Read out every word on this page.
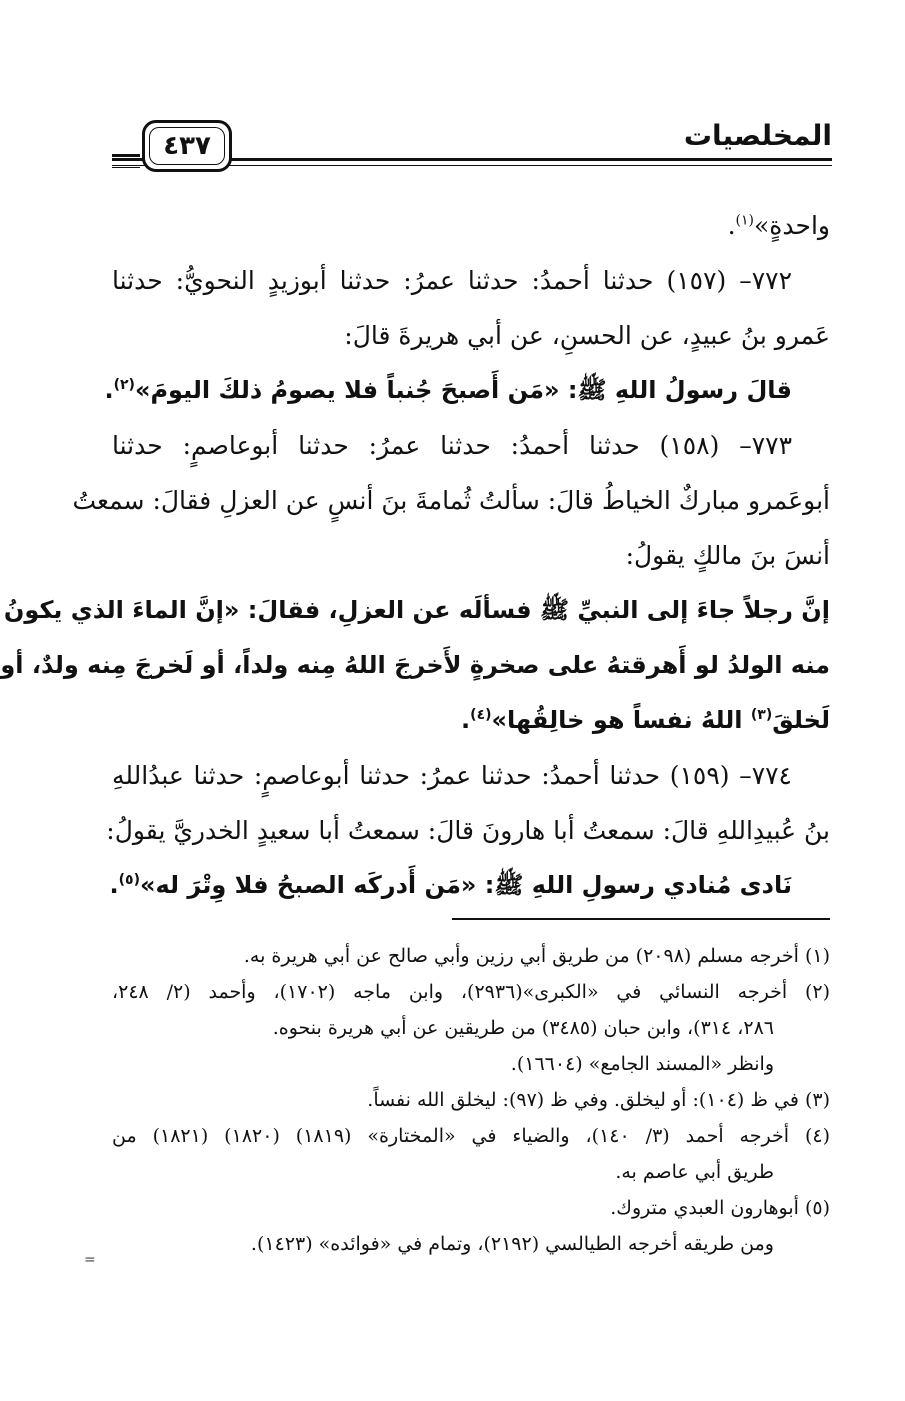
٤٣٧	المخلصيات
واحدةٍ»$^{(١)}$.
٧٧٢– (١٥٧) حدثنا أحمدُ: حدثنا عمرُ: حدثنا أبوزيدٍ النحويُّ: حدثنا
عَمرو بنُ عبيدٍ، عن الحسنِ، عن أبي هريرةَ قالَ:
قالَ رسولُ اللهِ ﷺ: «مَن أَصبحَ جُنباً فلا يصومُ ذلكَ اليومَ»$^{(٢)}$.
٧٧٣– (١٥٨) حدثنا أحمدُ: حدثنا عمرُ: حدثنا أبوعاصمٍ: حدثنا
أبوعَمرو مباركٌ الخياطُ قالَ: سألتُ ثُمامةَ بنَ أنسٍ عن العزلِ فقالَ: سمعتُ
أنسَ بنَ مالكٍ يقولُ:
إنَّ رجلاً جاءَ إلى النبيِّ ﷺ فسألَه عن العزلِ، فقالَ: «إنَّ الماءَ الذي يكونُ
منه الولدُ لو أَهرقتهُ على صخرةٍ لأَخرجَ اللهُ مِنه ولداً، أو لَخرجَ مِنه ولدٌ، أو
لَخلقَ$^{(٣)}$ اللهُ نفساً هو خالِقُها»$^{(٤)}$.
٧٧٤– (١٥٩) حدثنا أحمدُ: حدثنا عمرُ: حدثنا أبوعاصمٍ: حدثنا عبدُاللهِ
بنُ عُبيدِاللهِ قالَ: سمعتُ أبا هارونَ قالَ: سمعتُ أبا سعيدٍ الخدريَّ يقولُ:
نَادى مُنادي رسولِ اللهِ ﷺ: «مَن أَدركَه الصبحُ فلا وِتْرَ له»$^{(٥)}$.
(١) أخرجه مسلم (٢٠٩٨) من طريق أبي رزين وأبي صالح عن أبي هريرة به.
(٢) أخرجه النسائي في «الكبرى»(٢٩٣٦)، وابن ماجه (١٧٠٢)، وأحمد (٢/ ٢٤٨،
٢٨٦، ٣١٤)، وابن حبان (٣٤٨٥) من طريقين عن أبي هريرة بنحوه.
وانظر «المسند الجامع» (١٦٦٠٤).
(٣) في ظ (١٠٤): أو ليخلق. وفي ظ (٩٧): ليخلق الله نفساً.
(٤) أخرجه أحمد (٣/ ١٤٠)، والضياء في «المختارة» (١٨١٩) (١٨٢٠) (١٨٢١) من
طريق أبي عاصم به.
(٥) أبوهارون العبدي متروك.
ومن طريقه أخرجه الطيالسي (٢١٩٢)، وتمام في «فوائده» (١٤٢٣).
=
